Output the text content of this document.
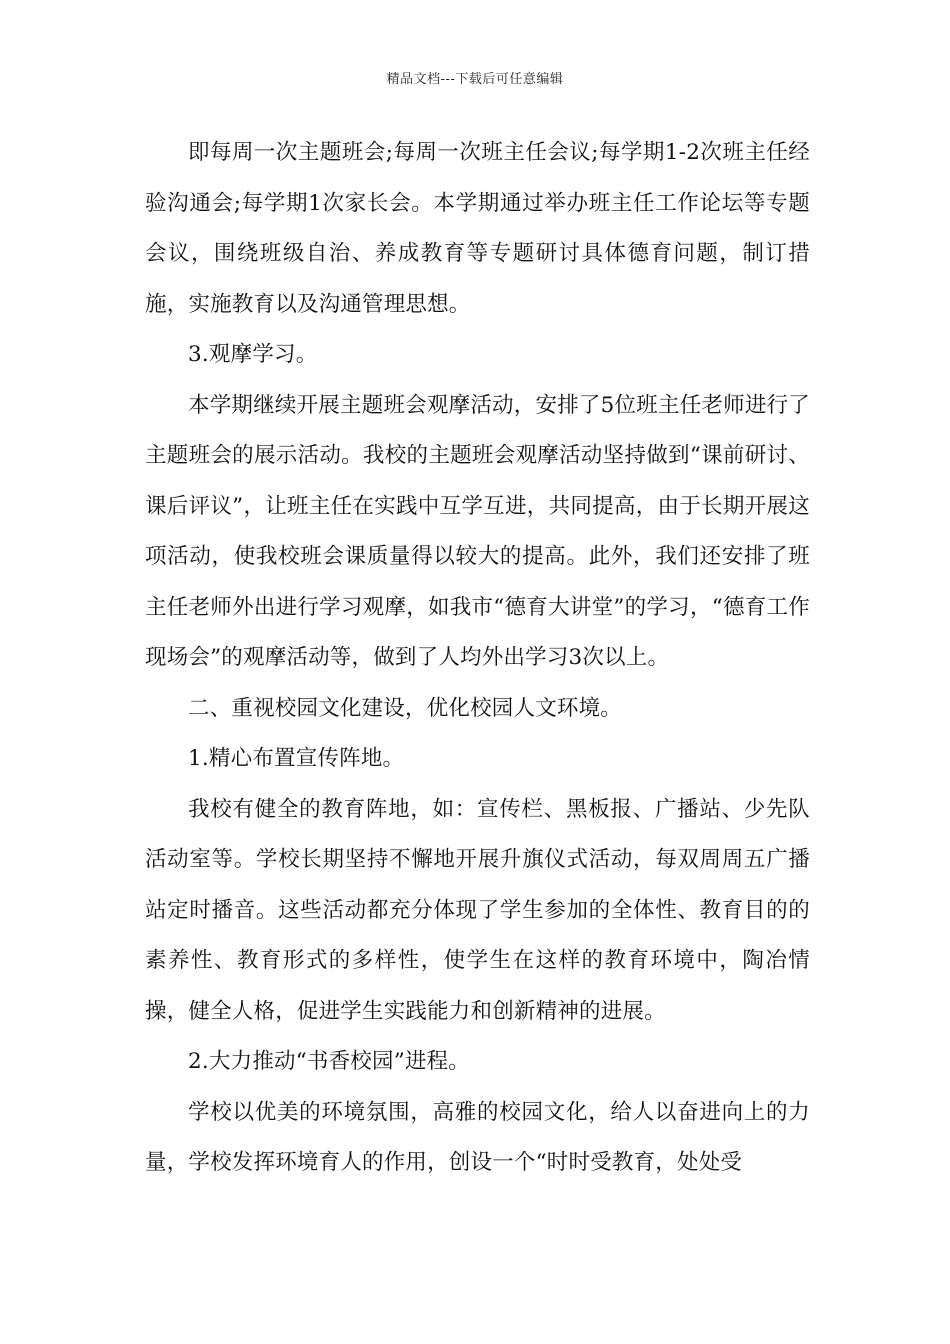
精品文档---下载后可任意编辑

即每周一次主题班会;每周一次班主任会议;每学期1-2次班主任经验沟通会;每学期1次家长会。本学期通过举办班主任工作论坛等专题会议，围绕班级自治、养成教育等专题研讨具体德育问题，制订措施，实施教育以及沟通管理思想。

3.观摩学习。

本学期继续开展主题班会观摩活动，安排了5位班主任老师进行了主题班会的展示活动。我校的主题班会观摩活动坚持做到“课前研讨、课后评议”，让班主任在实践中互学互进，共同提高，由于长期开展这项活动，使我校班会课质量得以较大的提高。此外，我们还安排了班主任老师外出进行学习观摩，如我市“德育大讲堂”的学习，“德育工作现场会”的观摩活动等，做到了人均外出学习3次以上。

二、重视校园文化建设，优化校园人文环境。

1.精心布置宣传阵地。

我校有健全的教育阵地，如：宣传栏、黑板报、广播站、少先队活动室等。学校长期坚持不懈地开展升旗仪式活动，每双周周五广播站定时播音。这些活动都充分体现了学生参加的全体性、教育目的的素养性、教育形式的多样性，使学生在这样的教育环境中，陶冶情操，健全人格，促进学生实践能力和创新精神的进展。

2.大力推动“书香校园”进程。

学校以优美的环境氛围，高雅的校园文化，给人以奋进向上的力量，学校发挥环境育人的作用，创设一个“时时受教育，处处受
